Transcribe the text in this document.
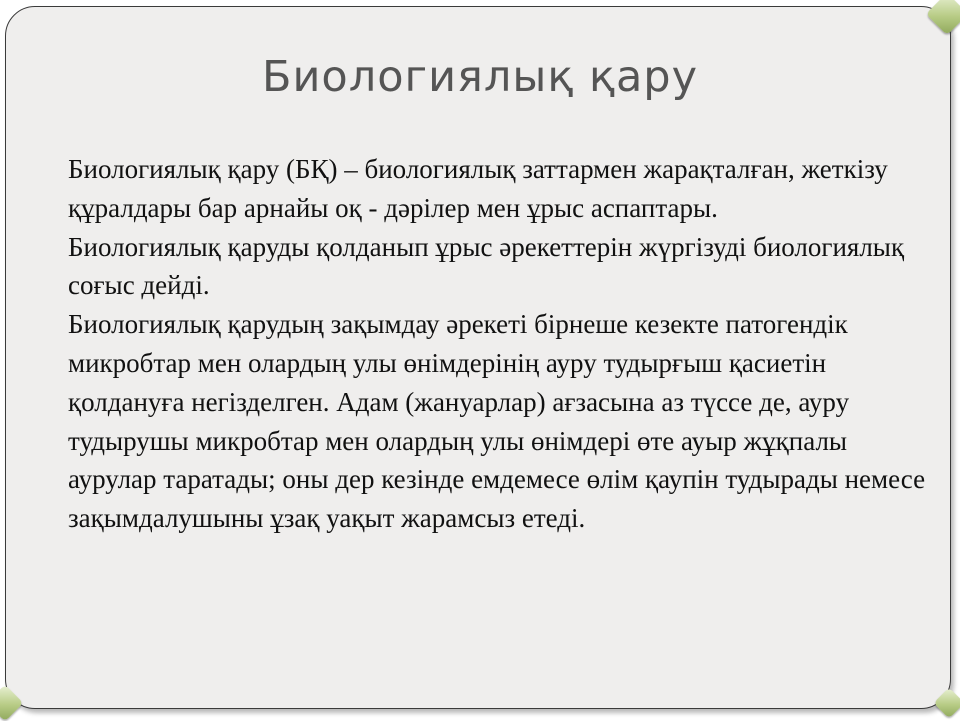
Биологиялық қару

Биологиялық қару (БҚ) – биологиялық заттармен жарақталған, жеткізу құралдары бар арнайы оқ - дәрілер мен ұрыс аспаптары.

Биологиялық қаруды қолданып ұрыс әрекеттерін жүргізуді биологиялық соғыс дейді.

Биологиялық қарудың зақымдау әрекеті бірнеше кезекте патогендік микробтар мен олардың улы өнімдерінің ауру тудырғыш қасиетін қолдануға негізделген. Адам (жануарлар) ағзасына аз түссе де, ауру тудырушы микробтар мен олардың улы өнімдері өте ауыр жұқпалы аурулар таратады; оны дер кезінде емдемесе өлім қаупін тудырады немесе зақымдалушыны ұзақ уақыт жарамсыз етеді.
